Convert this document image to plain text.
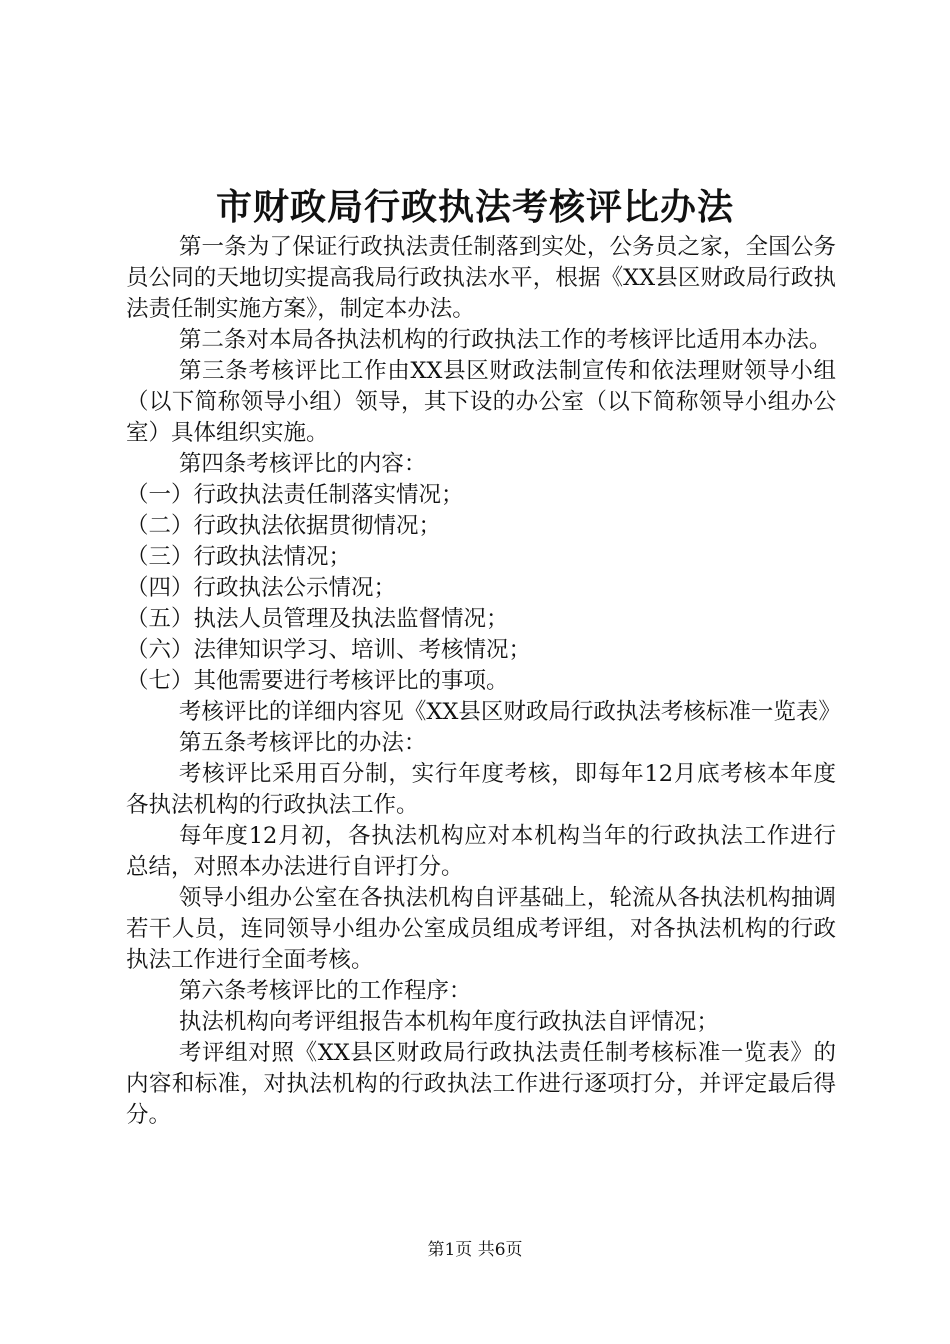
市财政局行政执法考核评比办法

第一条为了保证行政执法责任制落到实处，公务员之家，全国公务员公同的天地切实提高我局行政执法水平，根据《XX县区财政局行政执法责任制实施方案》，制定本办法。

第二条对本局各执法机构的行政执法工作的考核评比适用本办法。

第三条考核评比工作由XX县区财政法制宣传和依法理财领导小组（以下简称领导小组）领导，其下设的办公室（以下简称领导小组办公室）具体组织实施。

第四条考核评比的内容：

（一）行政执法责任制落实情况；

（二）行政执法依据贯彻情况；

（三）行政执法情况；

（四）行政执法公示情况；

（五）执法人员管理及执法监督情况；

（六）法律知识学习、培训、考核情况；

（七）其他需要进行考核评比的事项。

考核评比的详细内容见《XX县区财政局行政执法考核标准一览表》

第五条考核评比的办法：

考核评比采用百分制，实行年度考核，即每年12月底考核本年度各执法机构的行政执法工作。

每年度12月初，各执法机构应对本机构当年的行政执法工作进行总结，对照本办法进行自评打分。

领导小组办公室在各执法机构自评基础上，轮流从各执法机构抽调若干人员，连同领导小组办公室成员组成考评组，对各执法机构的行政执法工作进行全面考核。

第六条考核评比的工作程序：

执法机构向考评组报告本机构年度行政执法自评情况；

考评组对照《XX县区财政局行政执法责任制考核标准一览表》的内容和标准，对执法机构的行政执法工作进行逐项打分，并评定最后得分。

第1页 共6页
